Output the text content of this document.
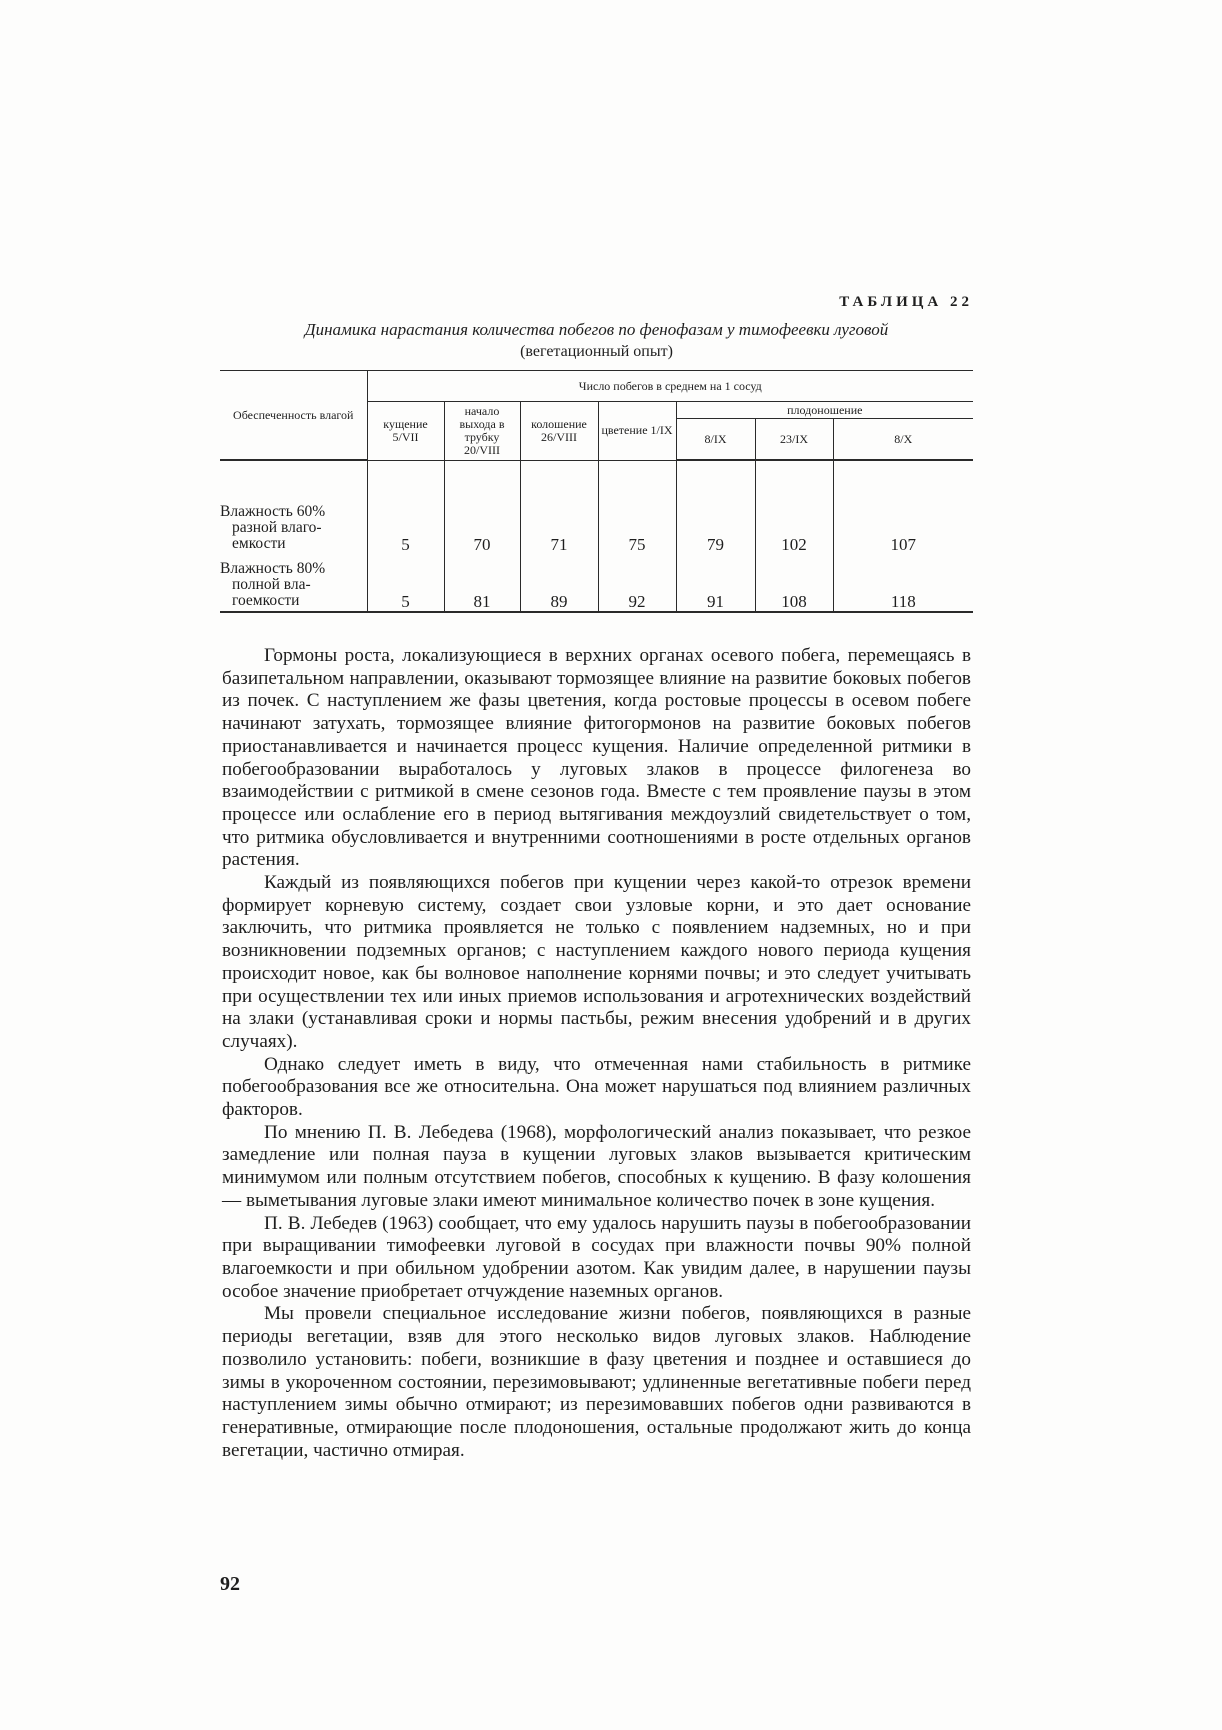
ТАБЛИЦА 22
Динамика нарастания количества побегов по фенофазам у тимофеевки луговой
(вегетационный опыт)
Обеспеченность влагой	Число побегов в среднем на 1 сосуд						
	кущение 5/VII	начало выхода в трубку 20/VIII	колошение 26/VIII	цветение 1/IX	плодоношение		
					8/IX	23/IX	8/X
Влажность 60%
разной влаго-
емкости	5	70	71	75	79	102	107
Влажность 80%
полной вла-
гоемкости	5	81	89	92	91	108	118

Гормоны роста, локализующиеся в верхних органах осевого побега, перемещаясь в базипетальном направлении, оказывают тормозящее влияние на развитие боковых побегов из почек. С наступлением же фазы цветения, когда ростовые процессы в осевом побеге начинают затухать, тормозящее влияние фитогормонов на развитие боковых побегов приостанавливается и начинается процесс кущения. Наличие определенной ритмики в побегообразовании выработалось у луговых злаков в процессе филогенеза во взаимодействии с ритмикой в смене сезонов года. Вместе с тем проявление паузы в этом процессе или ослабление его в период вытягивания междоузлий свидетельствует о том, что ритмика обусловливается и внутренними соотношениями в росте отдельных органов растения.

Каждый из появляющихся побегов при кущении через какой-то отрезок времени формирует корневую систему, создает свои узловые корни, и это дает основание заключить, что ритмика проявляется не только с появлением надземных, но и при возникновении подземных органов; с наступлением каждого нового периода кущения происходит новое, как бы волновое наполнение корнями почвы; и это следует учитывать при осуществлении тех или иных приемов использования и агротехнических воздействий на злаки (устанавливая сроки и нормы пастьбы, режим внесения удобрений и в других случаях).

Однако следует иметь в виду, что отмеченная нами стабильность в ритмике побегообразования все же относительна. Она может нарушаться под влиянием различных факторов.

По мнению П. В. Лебедева (1968), морфологический анализ показывает, что резкое замедление или полная пауза в кущении луговых злаков вызывается критическим минимумом или полным отсутствием побегов, способных к кущению. В фазу колошения — выметывания луговые злаки имеют минимальное количество почек в зоне кущения.

П. В. Лебедев (1963) сообщает, что ему удалось нарушить паузы в побегообразовании при выращивании тимофеевки луговой в сосудах при влажности почвы 90% полной влагоемкости и при обильном удобрении азотом. Как увидим далее, в нарушении паузы особое значение приобретает отчуждение наземных органов.

Мы провели специальное исследование жизни побегов, появляющихся в разные периоды вегетации, взяв для этого несколько видов луговых злаков. Наблюдение позволило установить: побеги, возникшие в фазу цветения и позднее и оставшиеся до зимы в укороченном состоянии, перезимовывают; удлиненные вегетативные побеги перед наступлением зимы обычно отмирают; из перезимовавших побегов одни развиваются в генеративные, отмирающие после плодоношения, остальные продолжают жить до конца вегетации, частично отмирая.

92
